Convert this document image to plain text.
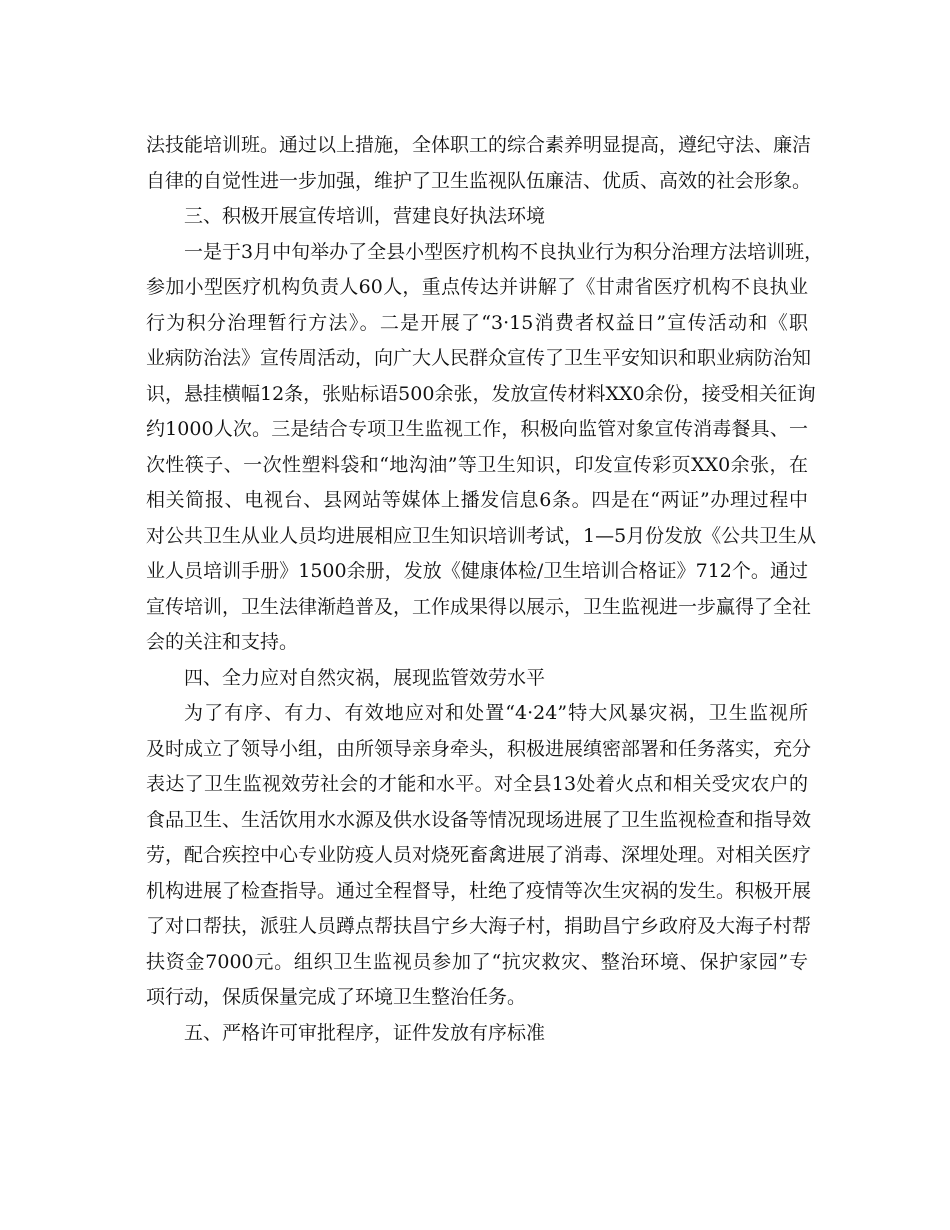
法技能培训班。通过以上措施，全体职工的综合素养明显提高，遵纪守法、廉洁
自律的自觉性进一步加强，维护了卫生监视队伍廉洁、优质、高效的社会形象。
三、积极开展宣传培训，营建良好执法环境
一是于3月中旬举办了全县小型医疗机构不良执业行为积分治理方法培训班，
参加小型医疗机构负责人60人，重点传达并讲解了《甘肃省医疗机构不良执业
行为积分治理暂行方法》。二是开展了“3·15消费者权益日”宣传活动和《职
业病防治法》宣传周活动，向广大人民群众宣传了卫生平安知识和职业病防治知
识，悬挂横幅12条，张贴标语500余张，发放宣传材料XX0余份，接受相关征询
约1000人次。三是结合专项卫生监视工作，积极向监管对象宣传消毒餐具、一
次性筷子、一次性塑料袋和“地沟油”等卫生知识，印发宣传彩页XX0余张，在
相关简报、电视台、县网站等媒体上播发信息6条。四是在“两证”办理过程中
对公共卫生从业人员均进展相应卫生知识培训考试，1—5月份发放《公共卫生从
业人员培训手册》1500余册，发放《健康体检/卫生培训合格证》712个。通过
宣传培训，卫生法律渐趋普及，工作成果得以展示，卫生监视进一步赢得了全社
会的关注和支持。
四、全力应对自然灾祸，展现监管效劳水平
为了有序、有力、有效地应对和处置“4·24”特大风暴灾祸，卫生监视所
及时成立了领导小组，由所领导亲身牵头，积极进展缜密部署和任务落实，充分
表达了卫生监视效劳社会的才能和水平。对全县13处着火点和相关受灾农户的
食品卫生、生活饮用水水源及供水设备等情况现场进展了卫生监视检查和指导效
劳，配合疾控中心专业防疫人员对烧死畜禽进展了消毒、深埋处理。对相关医疗
机构进展了检查指导。通过全程督导，杜绝了疫情等次生灾祸的发生。积极开展
了对口帮扶，派驻人员蹲点帮扶昌宁乡大海子村，捐助昌宁乡政府及大海子村帮
扶资金7000元。组织卫生监视员参加了“抗灾救灾、整治环境、保护家园”专
项行动，保质保量完成了环境卫生整治任务。
五、严格许可审批程序，证件发放有序标准
